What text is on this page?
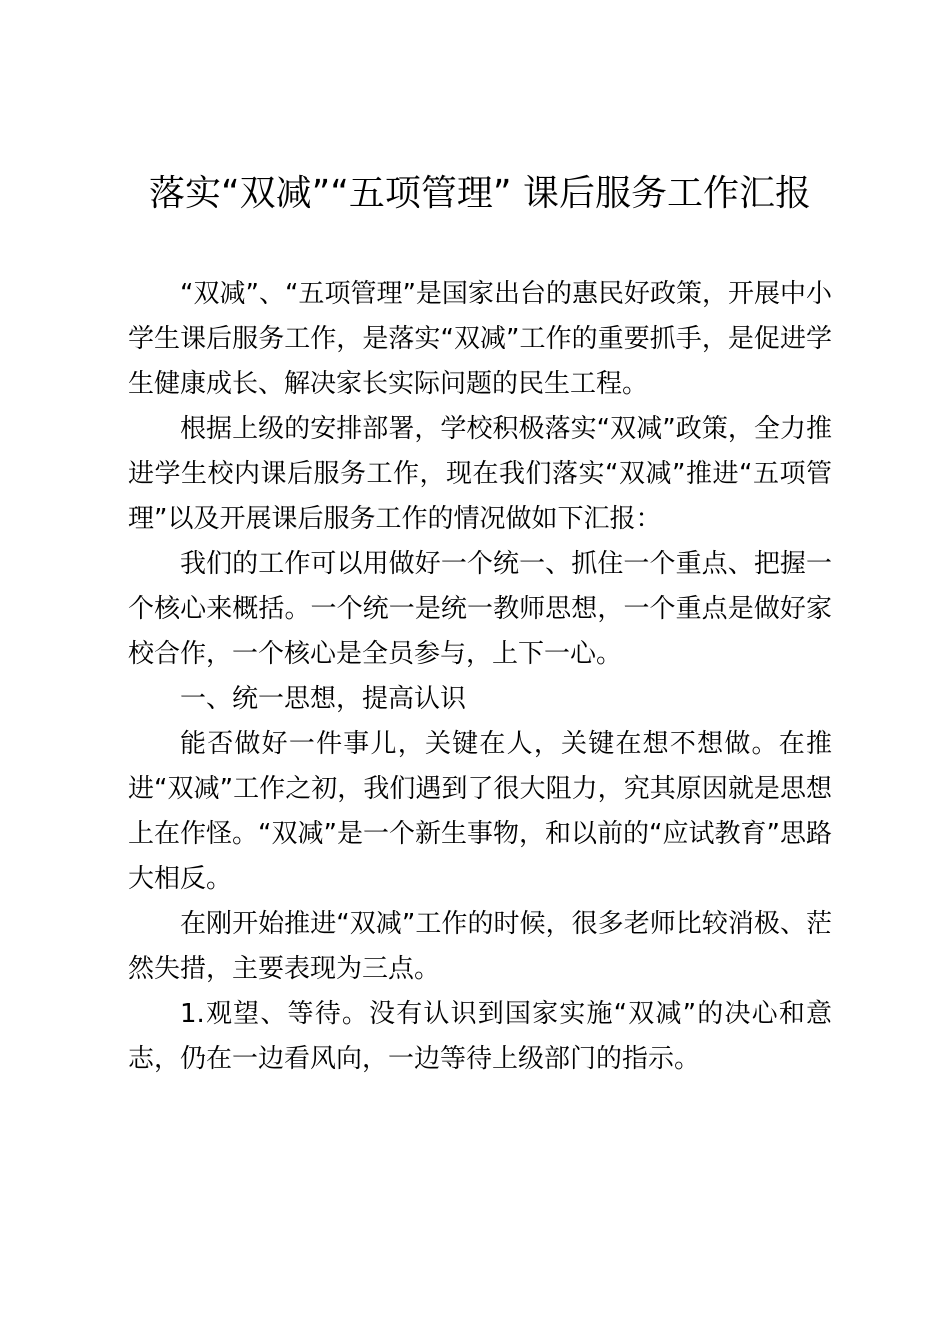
落实“双减”“五项管理” 课后服务工作汇报

“双减”、“五项管理”是国家出台的惠民好政策，开展中小学生课后服务工作，是落实“双减”工作的重要抓手，是促进学生健康成长、解决家长实际问题的民生工程。

根据上级的安排部署，学校积极落实“双减”政策，全力推进学生校内课后服务工作，现在我们落实“双减”推进“五项管理”以及开展课后服务工作的情况做如下汇报：

我们的工作可以用做好一个统一、抓住一个重点、把握一个核心来概括。一个统一是统一教师思想，一个重点是做好家校合作，一个核心是全员参与，上下一心。

一、统一思想，提高认识

能否做好一件事儿，关键在人，关键在想不想做。在推进“双减”工作之初，我们遇到了很大阻力，究其原因就是思想上在作怪。“双减”是一个新生事物，和以前的“应试教育”思路大相反。

在刚开始推进“双减”工作的时候，很多老师比较消极、茫然失措，主要表现为三点。

1.观望、等待。没有认识到国家实施“双减”的决心和意志，仍在一边看风向，一边等待上级部门的指示。
